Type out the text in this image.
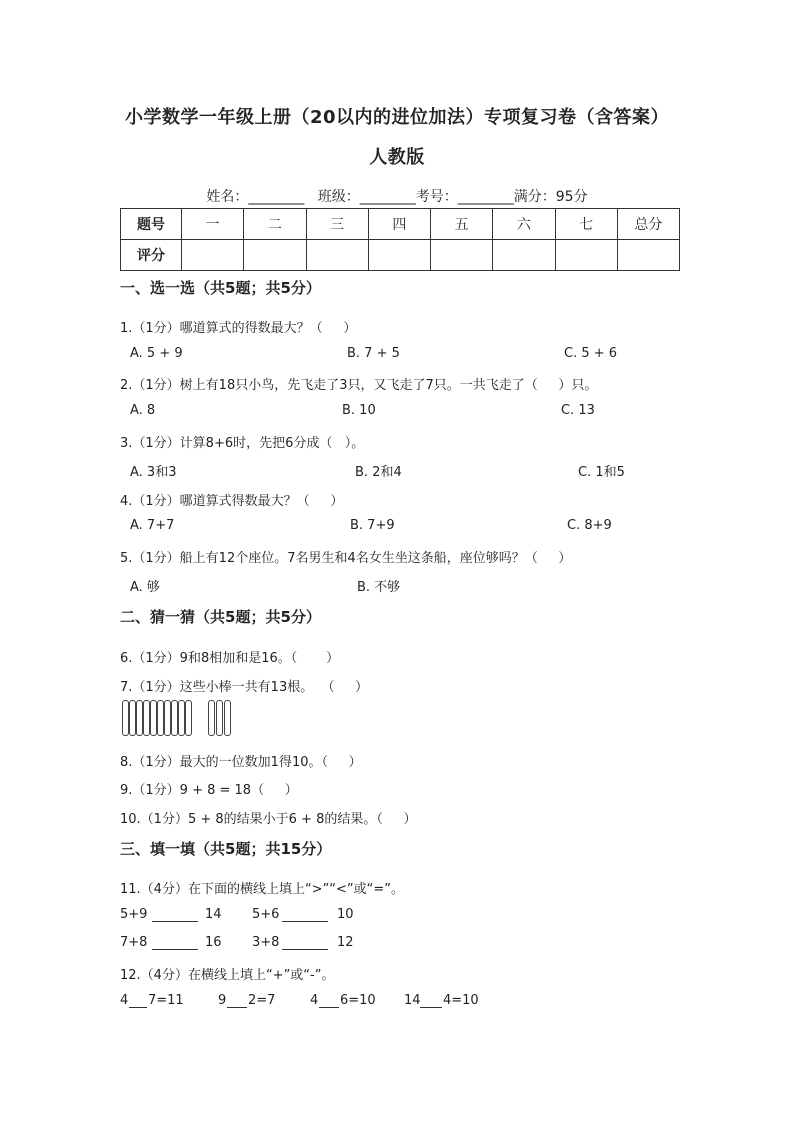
小学数学一年级上册（20以内的进位加法）专项复习卷（含答案）
人教版
姓名：________   班级：________考号：________满分：95分
题号	一	二	三	四	五	六	七	总分
评分								
一、选一选（共5题；共5分）
1.（1分）哪道算式的得数最大？（     ）
A. 5 + 9	B. 7 + 5	C. 5 + 6
2.（1分）树上有18只小鸟，先飞走了3只，又飞走了7只。一共飞走了（     ）只。
A. 8	B. 10	C. 13
3.（1分）计算8+6时，先把6分成（   ）。
A. 3和3	B. 2和4	C. 1和5
4.（1分）哪道算式得数最大？（     ）
A. 7+7	B. 7+9	C. 8+9
5.（1分）船上有12个座位。7名男生和4名女生坐这条船，座位够吗？（     ）
A. 够	B. 不够
二、猜一猜（共5题；共5分）
6.（1分）9和8相加和是16。（       ）
7.（1分）这些小棒一共有13根。  （     ）
8.（1分）最大的一位数加1得10。（     ）
9.（1分）9 + 8 = 18（     ）
10.（1分）5 + 8的结果小于6 + 8的结果。（     ）
三、填一填（共5题；共15分）
11.（4分）在下面的横线上填上“>”“<”或“=”。
5+9	14 5+6	10
7+8	16 3+8	12
12.（4分）在横线上填上“+”或“-”。
4 7=11	9 2=7	4 6=10 14 4=10
